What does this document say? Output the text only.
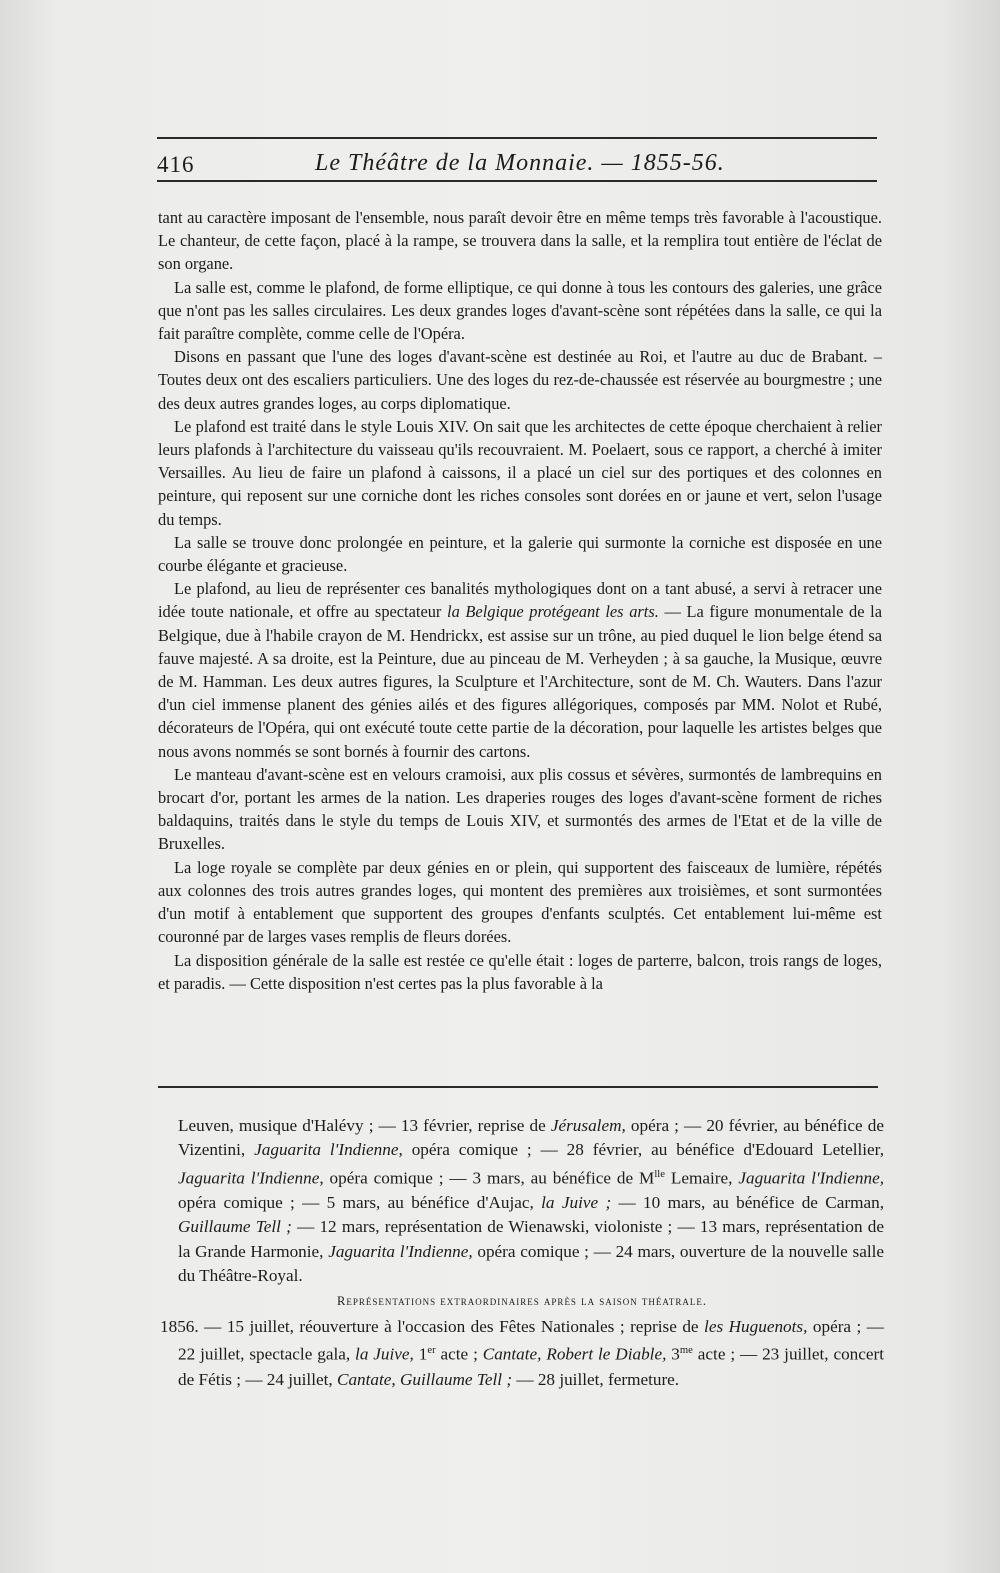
416	Le Théâtre de la Monnaie. — 1855-56.

tant au caractère imposant de l'ensemble, nous paraît devoir être en même temps très favorable à l'acoustique. Le chanteur, de cette façon, placé à la rampe, se trouvera dans la salle, et la remplira tout entière de l'éclat de son organe.

La salle est, comme le plafond, de forme elliptique, ce qui donne à tous les contours des galeries, une grâce que n'ont pas les salles circulaires. Les deux grandes loges d'avant-scène sont répétées dans la salle, ce qui la fait paraître complète, comme celle de l'Opéra.

Disons en passant que l'une des loges d'avant-scène est destinée au Roi, et l'autre au duc de Brabant. – Toutes deux ont des escaliers particuliers. Une des loges du rez-de-chaussée est réservée au bourgmestre ; une des deux autres grandes loges, au corps diplomatique.

Le plafond est traité dans le style Louis XIV. On sait que les architectes de cette époque cherchaient à relier leurs plafonds à l'architecture du vaisseau qu'ils recouvraient. M. Poelaert, sous ce rapport, a cherché à imiter Versailles. Au lieu de faire un plafond à caissons, il a placé un ciel sur des portiques et des colonnes en peinture, qui reposent sur une corniche dont les riches consoles sont dorées en or jaune et vert, selon l'usage du temps.

La salle se trouve donc prolongée en peinture, et la galerie qui surmonte la corniche est disposée en une courbe élégante et gracieuse.

Le plafond, au lieu de représenter ces banalités mythologiques dont on a tant abusé, a servi à retracer une idée toute nationale, et offre au spectateur la Belgique protégeant les arts. — La figure monumentale de la Belgique, due à l'habile crayon de M. Hendrickx, est assise sur un trône, au pied duquel le lion belge étend sa fauve majesté. A sa droite, est la Peinture, due au pinceau de M. Verheyden ; à sa gauche, la Musique, œuvre de M. Hamman. Les deux autres figures, la Sculpture et l'Architecture, sont de M. Ch. Wauters. Dans l'azur d'un ciel immense planent des génies ailés et des figures allégoriques, composés par MM. Nolot et Rubé, décorateurs de l'Opéra, qui ont exécuté toute cette partie de la décoration, pour laquelle les artistes belges que nous avons nommés se sont bornés à fournir des cartons.

Le manteau d'avant-scène est en velours cramoisi, aux plis cossus et sévères, surmontés de lambrequins en brocart d'or, portant les armes de la nation. Les draperies rouges des loges d'avant-scène forment de riches baldaquins, traités dans le style du temps de Louis XIV, et surmontés des armes de l'Etat et de la ville de Bruxelles.

La loge royale se complète par deux génies en or plein, qui supportent des faisceaux de lumière, répétés aux colonnes des trois autres grandes loges, qui montent des premières aux troisièmes, et sont surmontées d'un motif à entablement que supportent des groupes d'enfants sculptés. Cet entablement lui-même est couronné par de larges vases remplis de fleurs dorées.

La disposition générale de la salle est restée ce qu'elle était : loges de parterre, balcon, trois rangs de loges, et paradis. — Cette disposition n'est certes pas la plus favorable à la

Leuven, musique d'Halévy ; — 13 février, reprise de Jérusalem, opéra ; — 20 février, au bénéfice de Vizentini, Jaguarita l'Indienne, opéra comique ; — 28 février, au bénéfice d'Edouard Letellier, Jaguarita l'Indienne, opéra comique ; — 3 mars, au bénéfice de $M^{lle}$ Lemaire, Jaguarita l'Indienne, opéra comique ; — 5 mars, au bénéfice d'Aujac, la Juive ; — 10 mars, au bénéfice de Carman, Guillaume Tell ; — 12 mars, représentation de Wienawski, violoniste ; — 13 mars, représentation de la Grande Harmonie, Jaguarita l'Indienne, opéra comique ; — 24 mars, ouverture de la nouvelle salle du Théâtre-Royal.

Représentations extraordinaires après la saison théatrale.

1856. — 15 juillet, réouverture à l'occasion des Fêtes Nationales ; reprise de les Huguenots, opéra ; — 22 juillet, spectacle gala, la Juive, 1er acte ; Cantate, Robert le Diable, $3^{me}$ acte ; — 23 juillet, concert de Fétis ; — 24 juillet, Cantate, Guillaume Tell ; — 28 juillet, fermeture.
